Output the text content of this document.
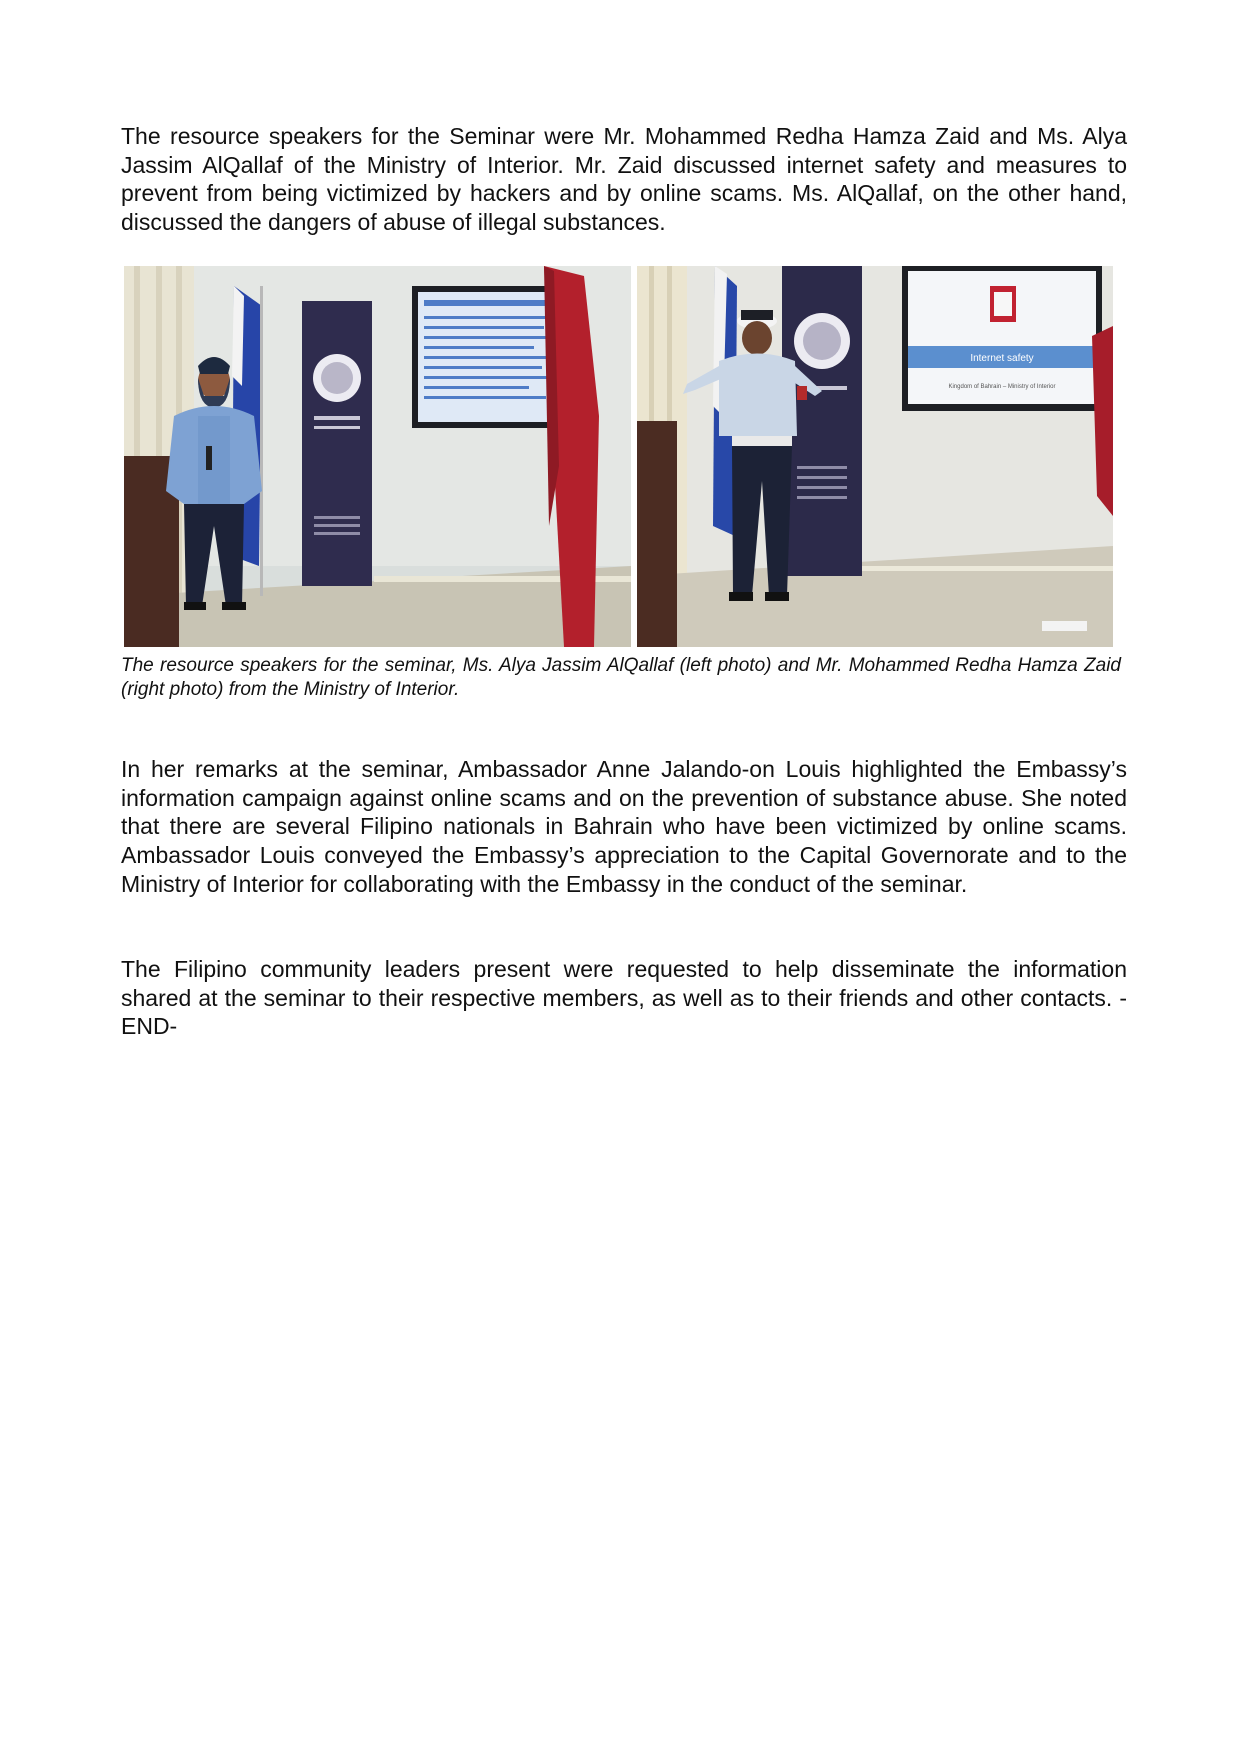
The resource speakers for the Seminar were Mr. Mohammed Redha Hamza Zaid and Ms. Alya Jassim AlQallaf of the Ministry of Interior. Mr. Zaid discussed internet safety and measures to prevent from being victimized by hackers and by online scams. Ms. AlQallaf, on the other hand, discussed the dangers of abuse of illegal substances.

Internet safety
Kingdom of Bahrain – Ministry of Interior

The resource speakers for the seminar, Ms. Alya Jassim AlQallaf (left photo) and Mr. Mohammed Redha Hamza Zaid (right photo) from the Ministry of Interior.

In her remarks at the seminar, Ambassador Anne Jalando-on Louis highlighted the Embassy’s information campaign against online scams and on the prevention of substance abuse. She noted that there are several Filipino nationals in Bahrain who have been victimized by online scams. Ambassador Louis conveyed the Embassy’s appreciation to the Capital Governorate and to the Ministry of Interior for collaborating with the Embassy in the conduct of the seminar.

The Filipino community leaders present were requested to help disseminate the information shared at the seminar to their respective members, as well as to their friends and other contacts. -END-
